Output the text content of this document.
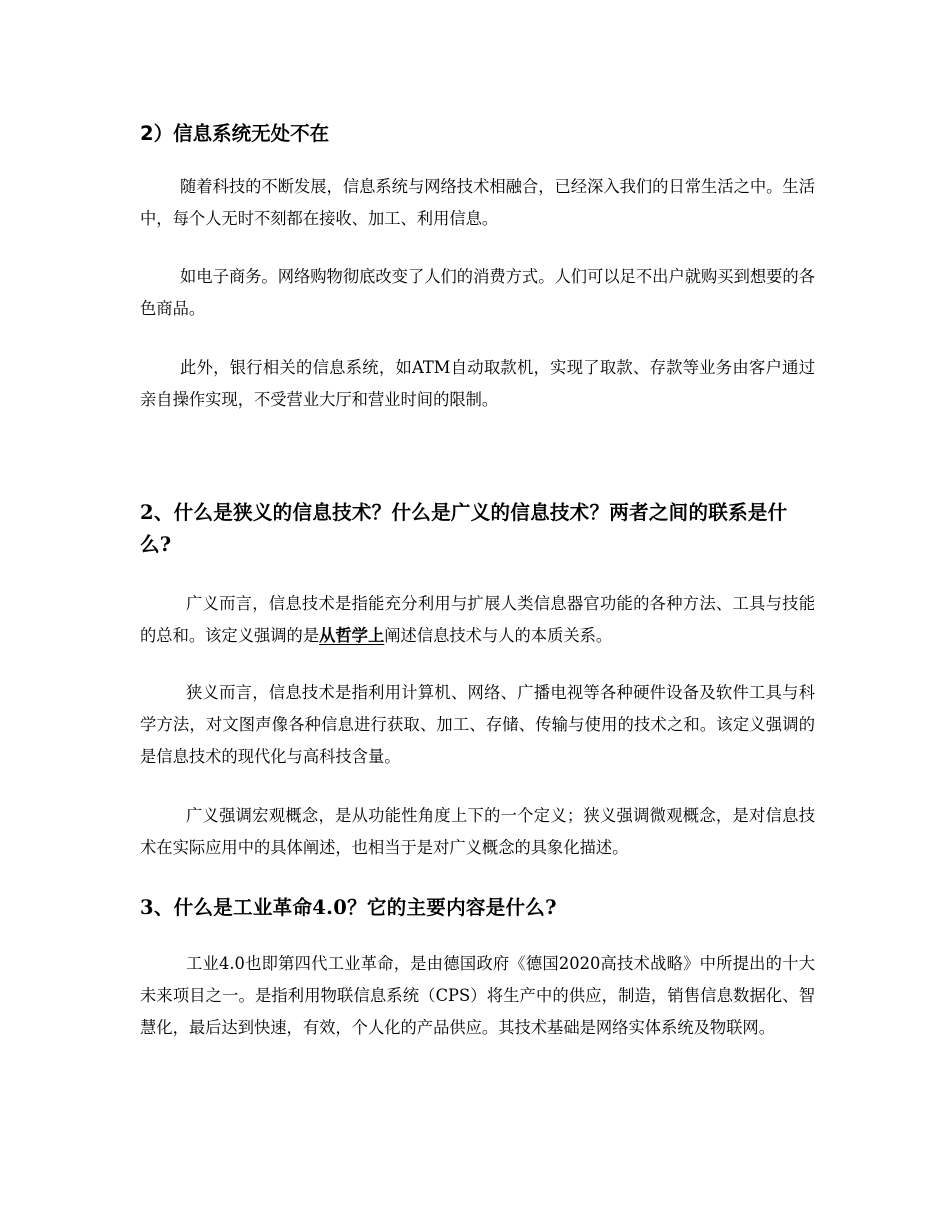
2）信息系统无处不在

随着科技的不断发展，信息系统与网络技术相融合，已经深入我们的日常生活之中。生活中，每个人无时不刻都在接收、加工、利用信息。

如电子商务。网络购物彻底改变了人们的消费方式。人们可以足不出户就购买到想要的各色商品。

此外，银行相关的信息系统，如ATM自动取款机，实现了取款、存款等业务由客户通过亲自操作实现，不受营业大厅和营业时间的限制。

2、什么是狭义的信息技术？什么是广义的信息技术？两者之间的联系是什么?

广义而言，信息技术是指能充分利用与扩展人类信息器官功能的各种方法、工具与技能的总和。该定义强调的是从哲学上阐述信息技术与人的本质关系。

狭义而言，信息技术是指利用计算机、网络、广播电视等各种硬件设备及软件工具与科学方法，对文图声像各种信息进行获取、加工、存储、传输与使用的技术之和。该定义强调的是信息技术的现代化与高科技含量。

广义强调宏观概念，是从功能性角度上下的一个定义；狭义强调微观概念，是对信息技术在实际应用中的具体阐述，也相当于是对广义概念的具象化描述。

3、什么是工业革命4.0？它的主要内容是什么?

工业4.0也即第四代工业革命，是由德国政府《德国2020高技术战略》中所提出的十大未来项目之一。是指利用物联信息系统（CPS）将生产中的供应，制造，销售信息数据化、智慧化，最后达到快速，有效，个人化的产品供应。其技术基础是网络实体系统及物联网。
